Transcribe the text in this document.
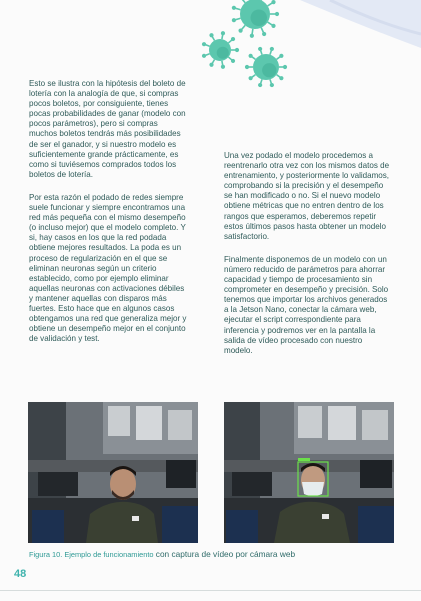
Esto se ilustra con la hipótesis del boleto de lotería con la analogía de que, si compras pocos boletos, por consiguiente, tienes pocas probabilidades de ganar (modelo con pocos parámetros), pero si compras muchos boletos tendrás más posibilidades de ser el ganador, y si nuestro modelo es suficientemente grande prácticamente, es como si tuviésemos comprados todos los boletos de lotería.

Por esta razón el podado de redes siempre suele funcionar y siempre encontramos una red más pequeña con el mismo desempeño (o incluso mejor) que el modelo completo. Y si, hay casos en los que la red podada obtiene mejores resultados. La poda es un proceso de regularización en el que se eliminan neuronas según un criterio establecido, como por ejemplo eliminar aquellas neuronas con activaciones débiles y mantener aquellas con disparos más fuertes. Esto hace que en algunos casos obtengamos una red que generaliza mejor y obtiene un desempeño mejor en el conjunto de validación y test.

Una vez podado el modelo procedemos a reentrenarlo otra vez con los mismos datos de entrenamiento, y posteriormente lo validamos, comprobando si la precisión y el desempeño se han modificado o no. Si el nuevo modelo obtiene métricas que no entren dentro de los rangos que esperamos, deberemos repetir estos últimos pasos hasta obtener un modelo satisfactorio.

Finalmente disponemos de un modelo con un número reducido de parámetros para ahorrar capacidad y tiempo de procesamiento sin comprometer en desempeño y precisión. Solo tenemos que importar los archivos generados a la Jetson Nano, conectar la cámara web, ejecutar el script correspondiente para inferencia y podremos ver en la pantalla la salida de vídeo procesado con nuestro modelo.

Figura 10. Ejemplo de funcionamiento con captura de vídeo por cámara web
48
